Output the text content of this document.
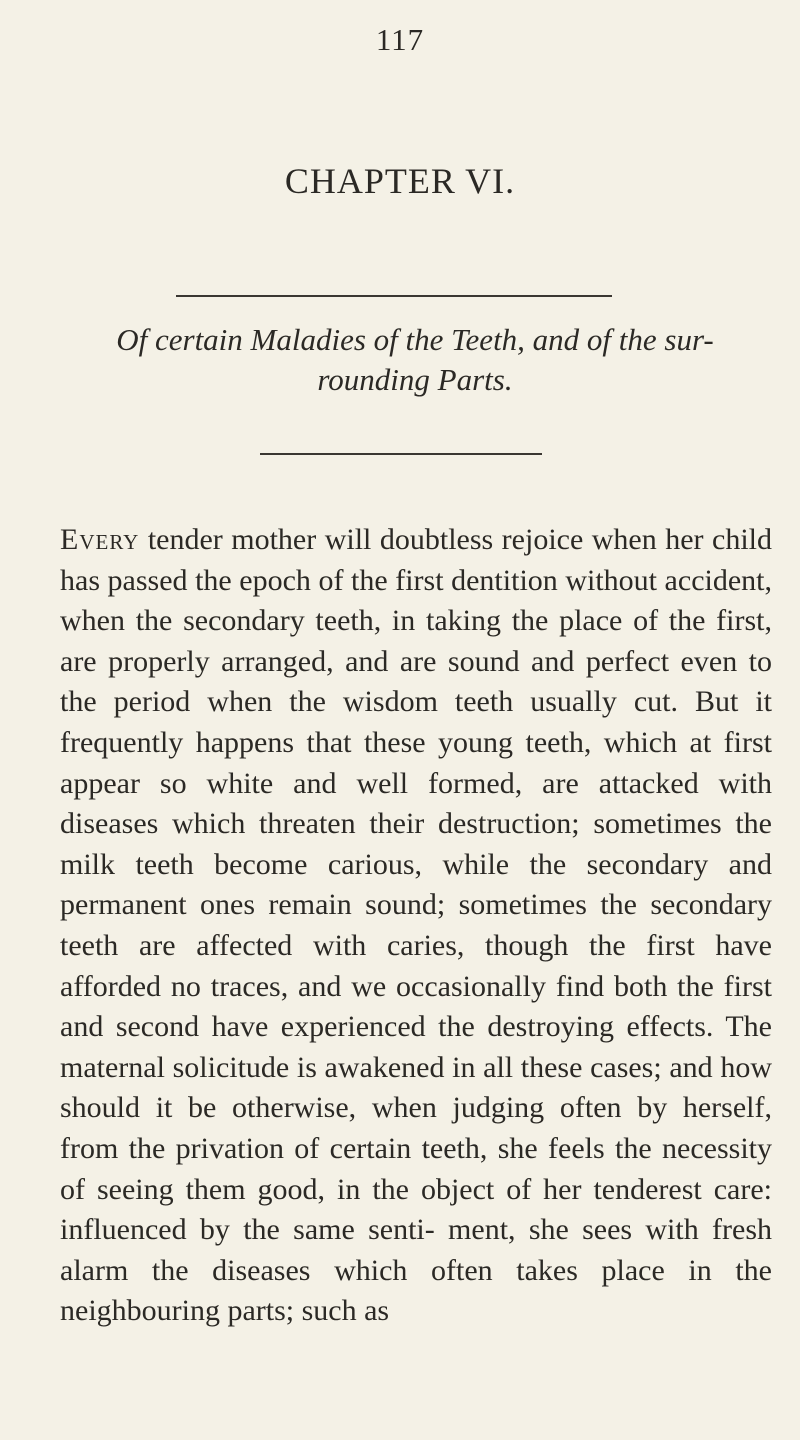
117
CHAPTER VI.
Of certain Maladies of the Teeth, and of the sur- rounding Parts.
Every tender mother will doubtless rejoice when her child has passed the epoch of the first dentition without accident, when the secondary teeth, in taking the place of the first, are properly arranged, and are sound and perfect even to the period when the wisdom teeth usually cut. But it frequently happens that these young teeth, which at first appear so white and well formed, are attacked with diseases which threaten their destruction; sometimes the milk teeth become carious, while the secondary and permanent ones remain sound; sometimes the secondary teeth are affected with caries, though the first have afforded no traces, and we occasionally find both the first and second have experienced the destroying effects. The maternal solicitude is awakened in all these cases; and how should it be otherwise, when judging often by herself, from the privation of certain teeth, she feels the necessity of seeing them good, in the object of her tenderest care: influenced by the same senti- ment, she sees with fresh alarm the diseases which often takes place in the neighbouring parts; such as
